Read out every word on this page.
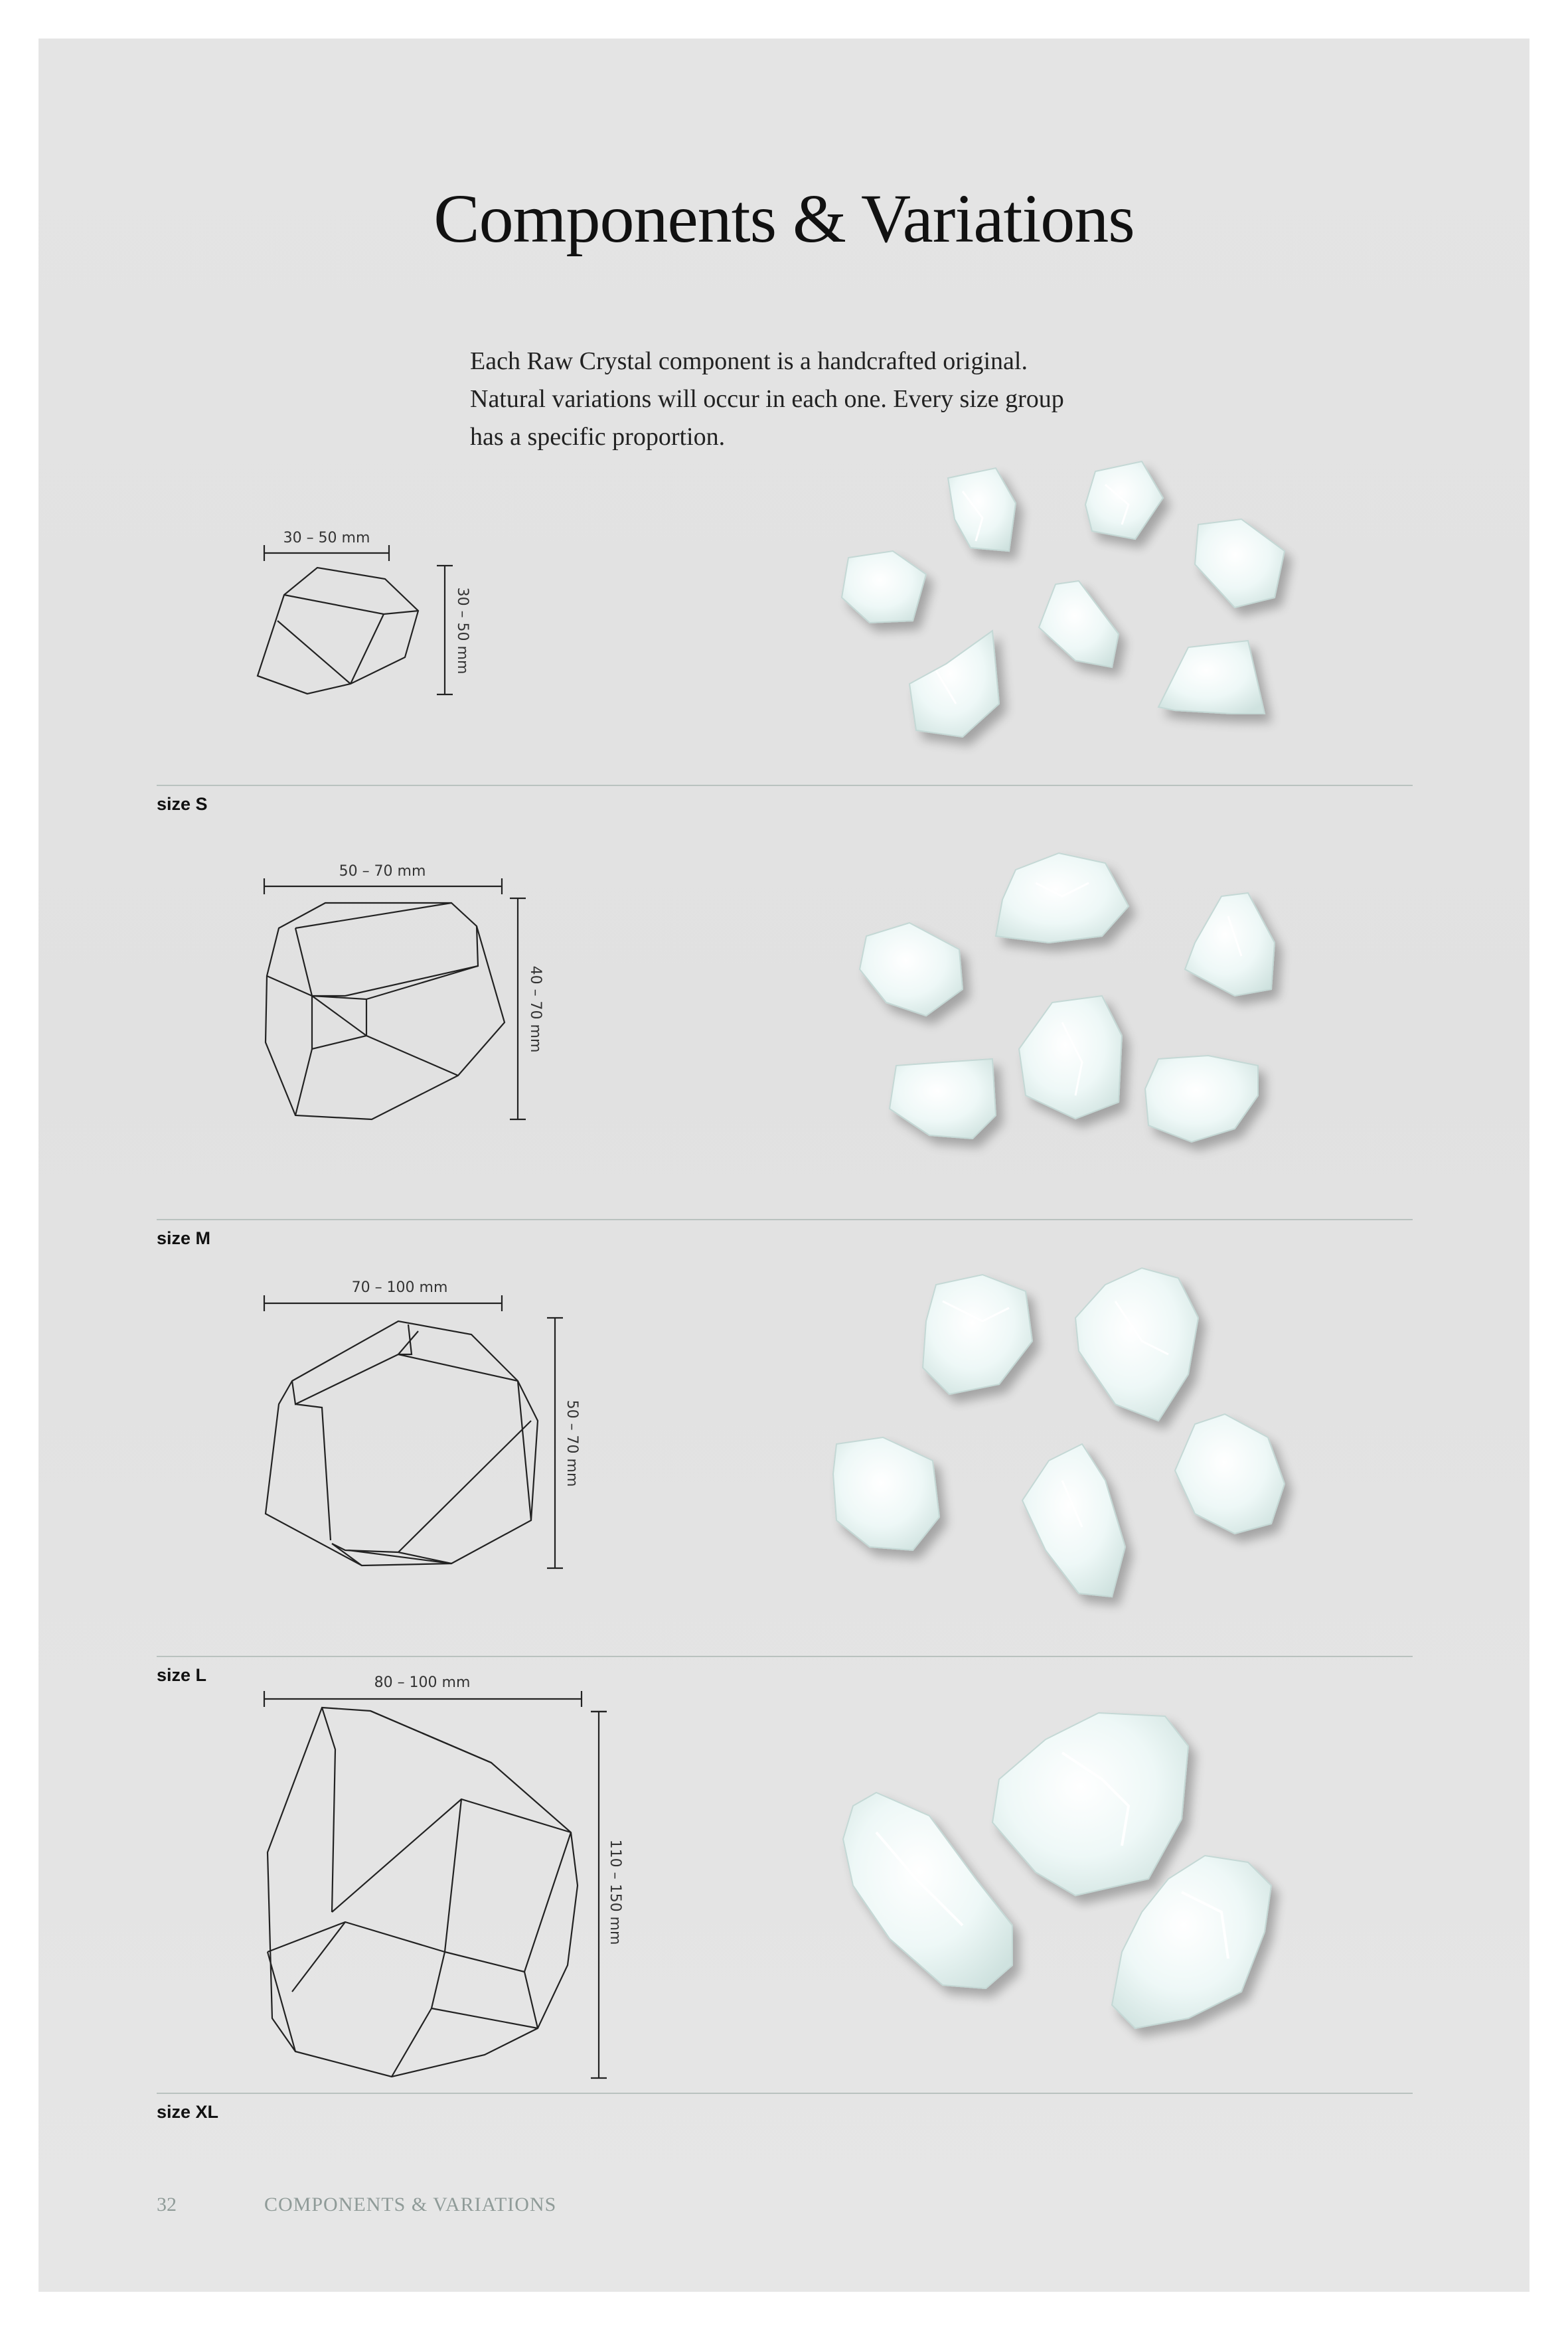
Components & Variations
Each Raw Crystal component is a handcrafted original.
Natural variations will occur in each one. Every size group
has a specific proportion.
size S
size M
size L
size XL
30 – 50 mm
30 – 50 mm
50 – 70 mm
40 – 70 mm
70 – 100 mm
50 – 70 mm
80 – 100 mm
110 – 150 mm
32	COMPONENTS & VARIATIONS
